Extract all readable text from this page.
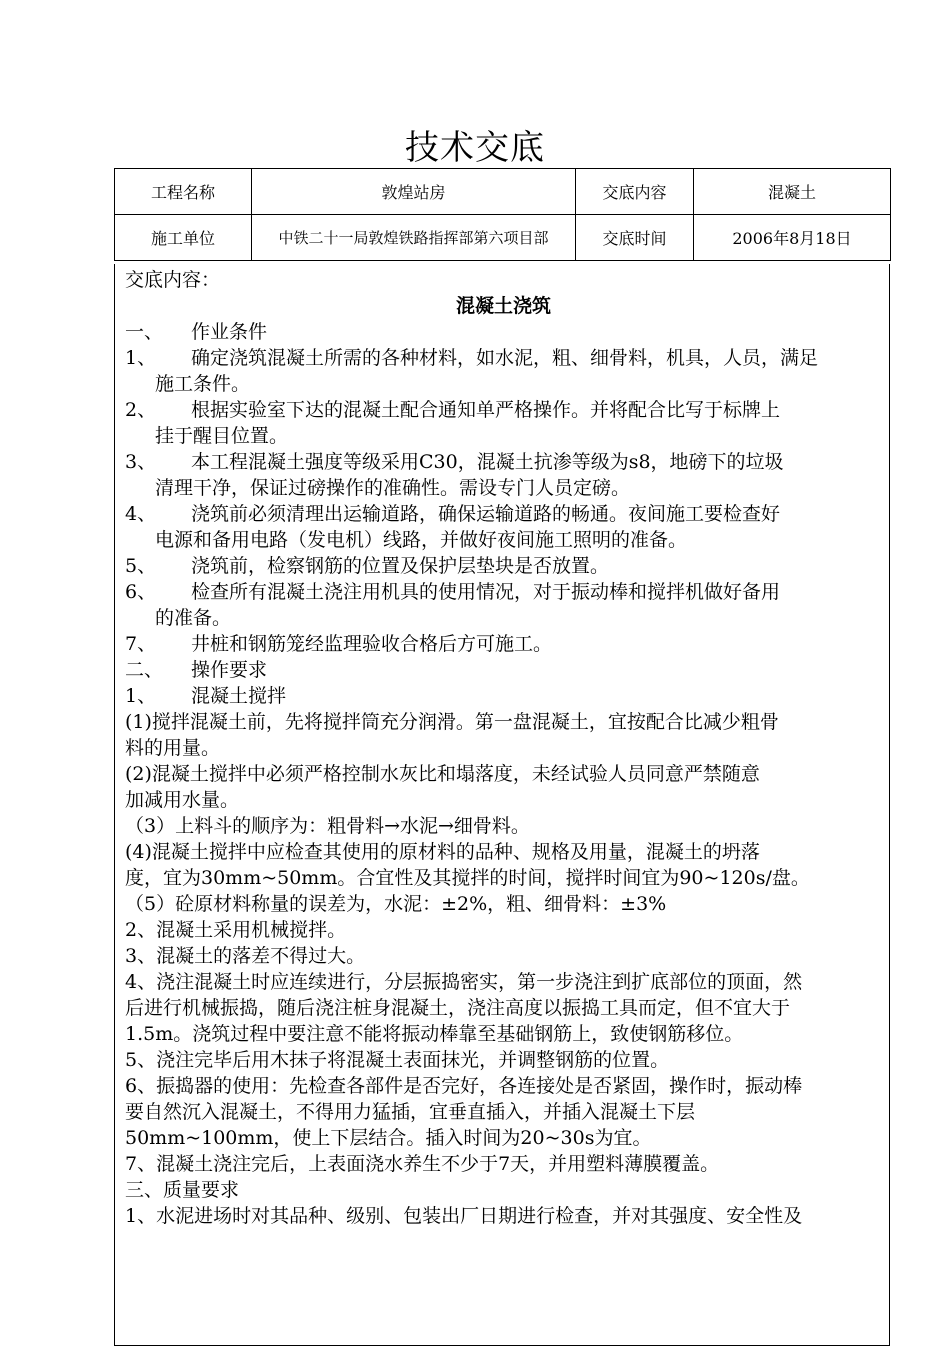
技术交底
工程名称	敦煌站房	交底内容	混凝土
施工单位	中铁二十一局敦煌铁路指挥部第六项目部	交底时间	2006年8月18日

交底内容：

混凝土浇筑

一、	作业条件

1、	确定浇筑混凝土所需的各种材料，如水泥，粗、细骨料，机具，人员，满足

施工条件。

2、	根据实验室下达的混凝土配合通知单严格操作。并将配合比写于标牌上

挂于醒目位置。

3、	本工程混凝土强度等级采用C30，混凝土抗渗等级为s8，地磅下的垃圾

清理干净，保证过磅操作的准确性。需设专门人员定磅。

4、	浇筑前必须清理出运输道路，确保运输道路的畅通。夜间施工要检查好

电源和备用电路（发电机）线路，并做好夜间施工照明的准备。

5、	浇筑前，检察钢筋的位置及保护层垫块是否放置。

6、	检查所有混凝土浇注用机具的使用情况，对于振动棒和搅拌机做好备用

的准备。

7、	井桩和钢筋笼经监理验收合格后方可施工。

二、	操作要求

1、	混凝土搅拌

(1)搅拌混凝土前，先将搅拌筒充分润滑。第一盘混凝土，宜按配合比减少粗骨

料的用量。

(2)混凝土搅拌中必须严格控制水灰比和塌落度，未经试验人员同意严禁随意

加减用水量。

（3）上料斗的顺序为：粗骨料→水泥→细骨料。

(4)混凝土搅拌中应检查其使用的原材料的品种、规格及用量，混凝土的坍落

度，宜为30mm~50mm。合宜性及其搅拌的时间，搅拌时间宜为90~120s/盘。

（5）砼原材料称量的误差为，水泥：±2%，粗、细骨料：±3%

2、混凝土采用机械搅拌。

3、混凝土的落差不得过大。

4、浇注混凝土时应连续进行，分层振捣密实，第一步浇注到扩底部位的顶面，然

后进行机械振捣，随后浇注桩身混凝土，浇注高度以振捣工具而定，但不宜大于

1.5m。浇筑过程中要注意不能将振动棒靠至基础钢筋上，致使钢筋移位。

5、浇注完毕后用木抹子将混凝土表面抹光，并调整钢筋的位置。

6、振捣器的使用：先检查各部件是否完好，各连接处是否紧固，操作时，振动棒

要自然沉入混凝土，不得用力猛插，宜垂直插入，并插入混凝土下层

50mm~100mm，使上下层结合。插入时间为20~30s为宜。

7、混凝土浇注完后，上表面浇水养生不少于7天，并用塑料薄膜覆盖。

三、质量要求

1、水泥进场时对其品种、级别、包装出厂日期进行检查，并对其强度、安全性及
